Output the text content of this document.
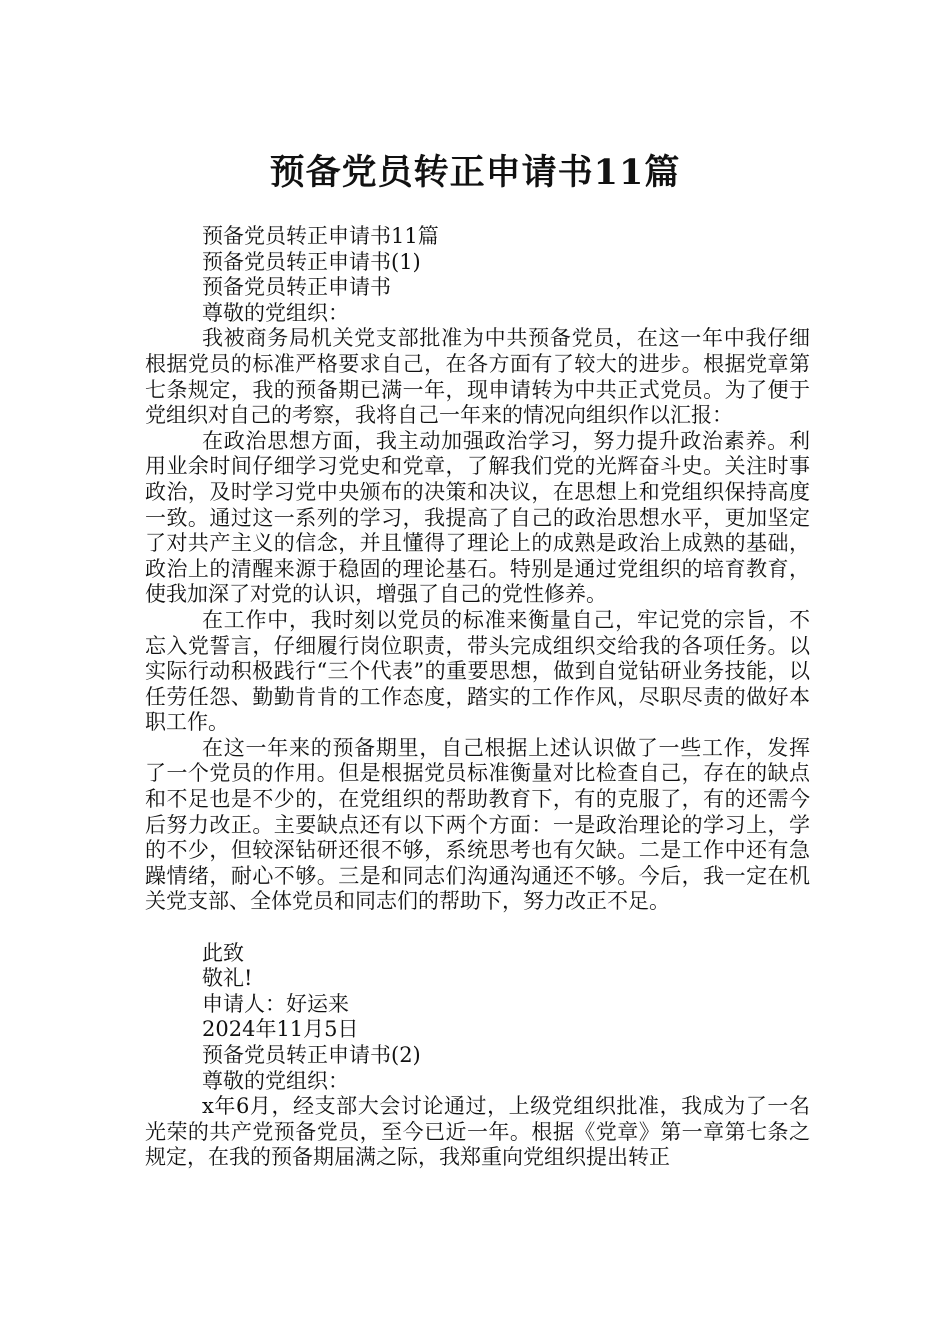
预备党员转正申请书11篇

预备党员转正申请书11篇

预备党员转正申请书(1)

预备党员转正申请书

尊敬的党组织：

我被商务局机关党支部批准为中共预备党员，在这一年中我仔细根据党员的标准严格要求自己，在各方面有了较大的进步。根据党章第七条规定，我的预备期已满一年，现申请转为中共正式党员。为了便于党组织对自己的考察，我将自己一年来的情况向组织作以汇报：

在政治思想方面，我主动加强政治学习，努力提升政治素养。利用业余时间仔细学习党史和党章，了解我们党的光辉奋斗史。关注时事政治，及时学习党中央颁布的决策和决议，在思想上和党组织保持高度一致。通过这一系列的学习，我提高了自己的政治思想水平，更加坚定了对共产主义的信念，并且懂得了理论上的成熟是政治上成熟的基础，政治上的清醒来源于稳固的理论基石。特别是通过党组织的培育教育，使我加深了对党的认识，增强了自己的党性修养。

在工作中，我时刻以党员的标准来衡量自己，牢记党的宗旨，不忘入党誓言，仔细履行岗位职责，带头完成组织交给我的各项任务。以实际行动积极践行“三个代表”的重要思想，做到自觉钻研业务技能，以任劳任怨、勤勤肯肯的工作态度，踏实的工作作风，尽职尽责的做好本职工作。

在这一年来的预备期里，自己根据上述认识做了一些工作，发挥了一个党员的作用。但是根据党员标准衡量对比检查自己，存在的缺点和不足也是不少的，在党组织的帮助教育下，有的克服了，有的还需今后努力改正。主要缺点还有以下两个方面：一是政治理论的学习上，学的不少，但较深钻研还很不够，系统思考也有欠缺。二是工作中还有急躁情绪，耐心不够。三是和同志们沟通沟通还不够。今后，我一定在机关党支部、全体党员和同志们的帮助下，努力改正不足。

此致

敬礼!

申请人：好运来

2024年11月5日

预备党员转正申请书(2)

尊敬的党组织：

x年6月，经支部大会讨论通过，上级党组织批准，我成为了一名光荣的共产党预备党员，至今已近一年。根据《党章》第一章第七条之规定，在我的预备期届满之际，我郑重向党组织提出转正
